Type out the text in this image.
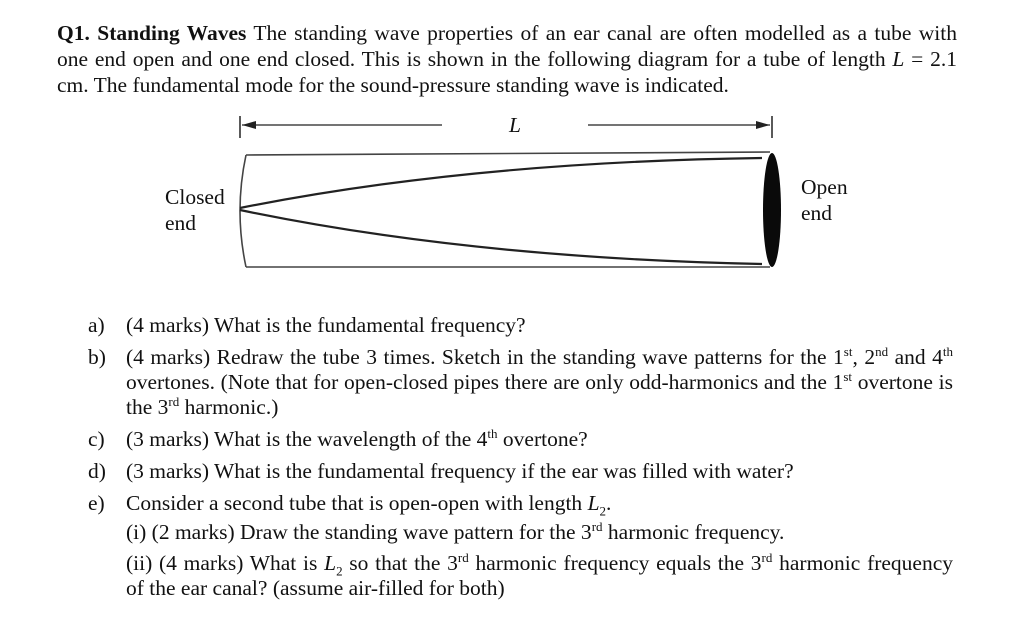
Q1. Standing Waves The standing wave properties of an ear canal are often modelled as a tube with one end open and one end closed. This is shown in the following diagram for a tube of length L = 2.1 cm. The fundamental mode for the sound-pressure standing wave is indicated.
L
Closed
end
Open
end
a) (4 marks) What is the fundamental frequency?
b) (4 marks) Redraw the tube 3 times. Sketch in the standing wave patterns for the 1st, 2nd and 4th overtones. (Note that for open-closed pipes there are only odd-harmonics and the 1st overtone is the 3rd harmonic.)
c) (3 marks) What is the wavelength of the 4th overtone?
d) (3 marks) What is the fundamental frequency if the ear was filled with water?
e) Consider a second tube that is open-open with length $L_2$.
(i) (2 marks) Draw the standing wave pattern for the 3rd harmonic frequency.
(ii) (4 marks) What is $L_2$ so that the 3rd harmonic frequency equals the 3rd harmonic frequency of the ear canal? (assume air-filled for both)
